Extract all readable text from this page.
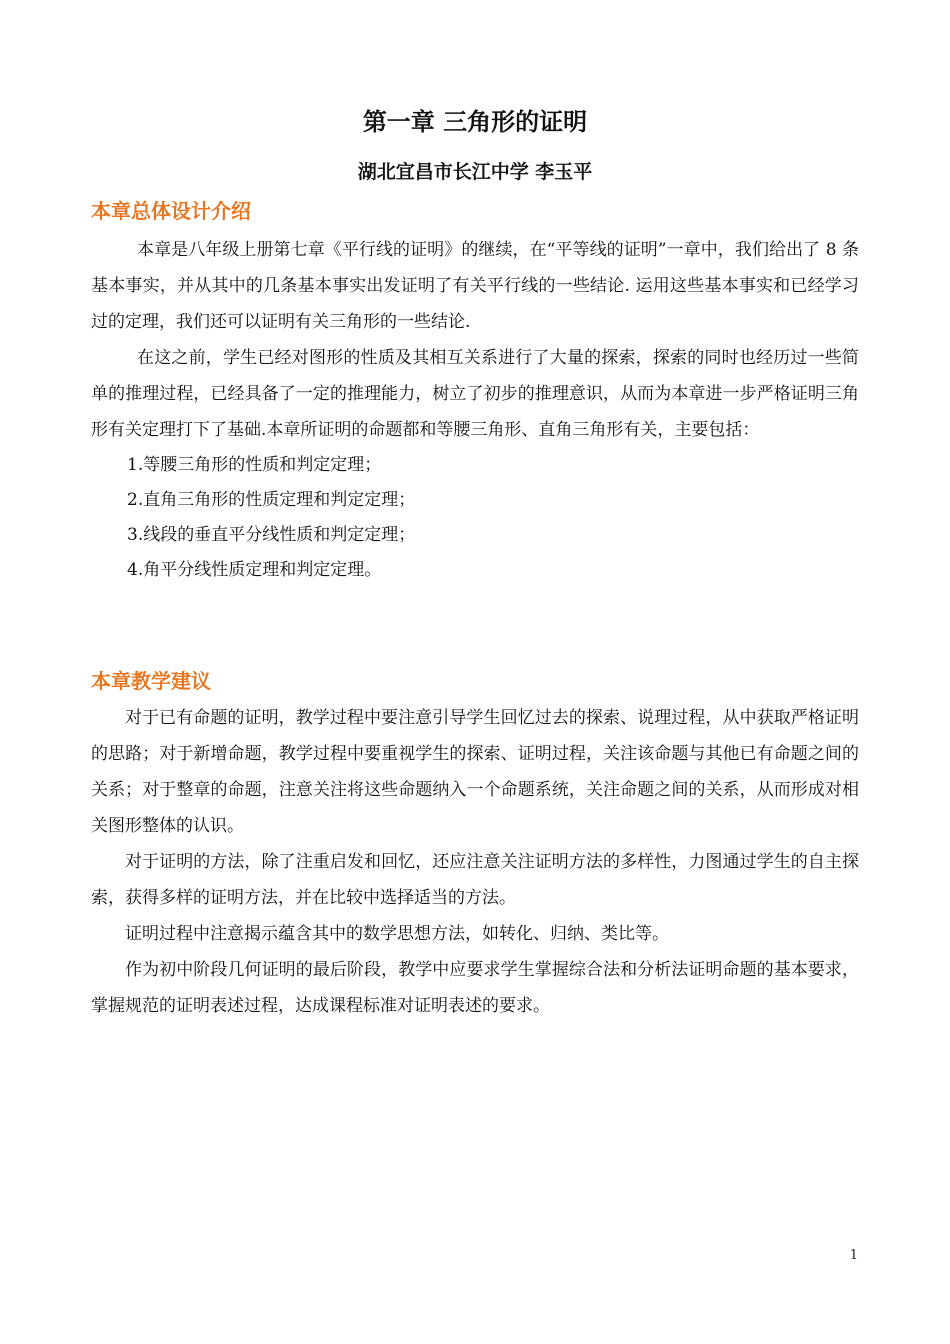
第一章 三角形的证明
湖北宜昌市长江中学 李玉平
本章总体设计介绍

本章是八年级上册第七章《平行线的证明》的继续，在“平等线的证明”一章中，我们给出了 8 条基本事实，并从其中的几条基本事实出发证明了有关平行线的一些结论. 运用这些基本事实和已经学习过的定理，我们还可以证明有关三角形的一些结论.

在这之前，学生已经对图形的性质及其相互关系进行了大量的探索，探索的同时也经历过一些简单的推理过程，已经具备了一定的推理能力，树立了初步的推理意识，从而为本章进一步严格证明三角形有关定理打下了基础.本章所证明的命题都和等腰三角形、直角三角形有关，主要包括：

1.等腰三角形的性质和判定定理；
2.直角三角形的性质定理和判定定理；
3.线段的垂直平分线性质和判定定理；
4.角平分线性质定理和判定定理。
本章教学建议

对于已有命题的证明，教学过程中要注意引导学生回忆过去的探索、说理过程，从中获取严格证明的思路；对于新增命题，教学过程中要重视学生的探索、证明过程，关注该命题与其他已有命题之间的关系；对于整章的命题，注意关注将这些命题纳入一个命题系统，关注命题之间的关系，从而形成对相关图形整体的认识。

对于证明的方法，除了注重启发和回忆，还应注意关注证明方法的多样性，力图通过学生的自主探索，获得多样的证明方法，并在比较中选择适当的方法。

证明过程中注意揭示蕴含其中的数学思想方法，如转化、归纳、类比等。

作为初中阶段几何证明的最后阶段，教学中应要求学生掌握综合法和分析法证明命题的基本要求，掌握规范的证明表述过程，达成课程标准对证明表述的要求。

1
